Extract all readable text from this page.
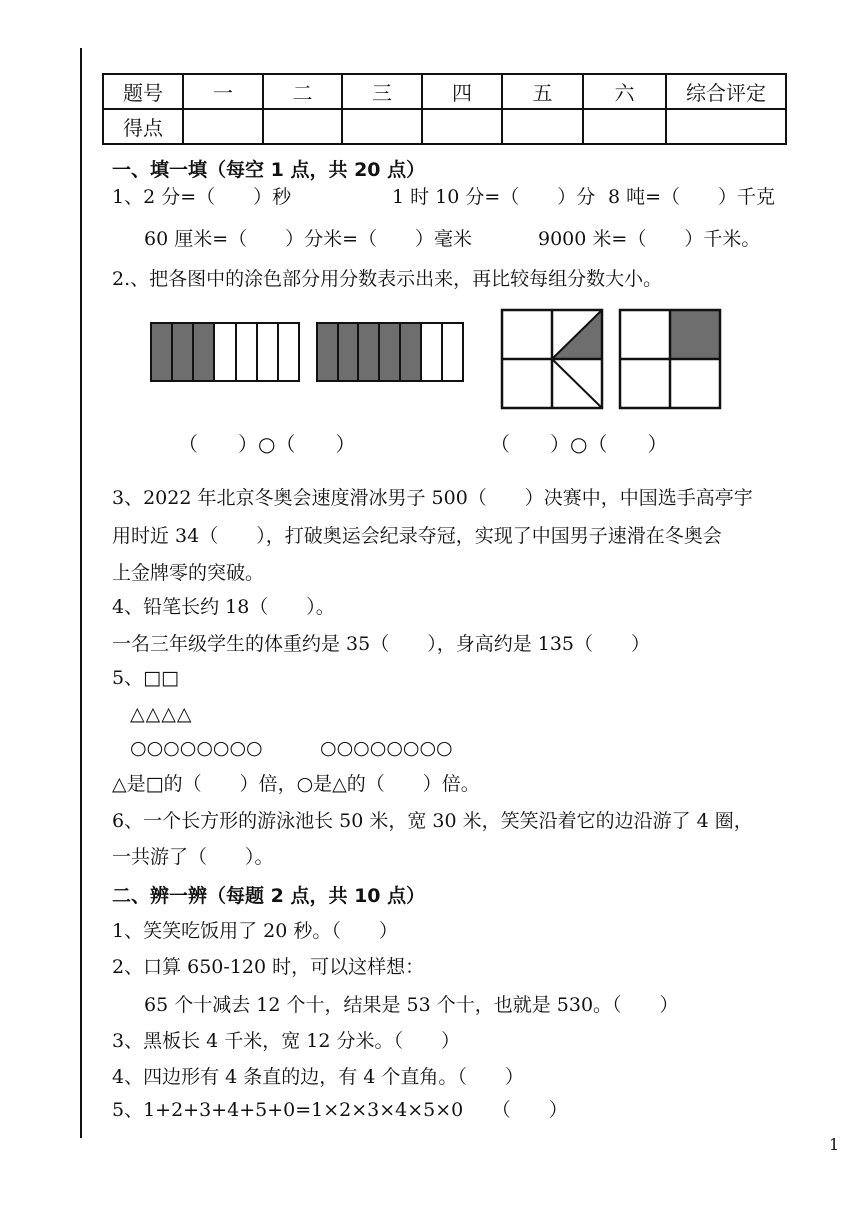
题号	一	二	三	四	五	六	综合评定
得点							
一、填一填（每空 1 点，共 20 点）
1、2 分=（　　）秒	1 时 10 分=（　　）分 8 吨=（　　）千克
60 厘米=（　　）分米=（　　）毫米	9000 米=（　　）千米。
2.、把各图中的涂色部分用分数表示出来，再比较每组分数大小。
（　　）○（　　）	（　　）○（　　）
3、2022 年北京冬奥会速度滑冰男子 500（　　）决赛中，中国选手高亭宇
用时近 34（　　），打破奥运会纪录夺冠，实现了中国男子速滑在冬奥会
上金牌零的突破。
4、铅笔长约 18（　　）。
一名三年级学生的体重约是 35（　　），身高约是 135（　　）
5、□□
△△△△
○○○○○○○○	○○○○○○○○
△是□的（　　）倍，○是△的（　　）倍。
6、一个长方形的游泳池长 50 米，宽 30 米，笑笑沿着它的边沿游了 4 圈，
一共游了（　　）。
二、辨一辨（每题 2 点，共 10 点）
1、笑笑吃饭用了 20 秒。（　　）
2、口算 650-120 时，可以这样想：
65 个十减去 12 个十，结果是 53 个十，也就是 530。（　　）
3、黑板长 4 千米，宽 12 分米。（　　）
4、四边形有 4 条直的边，有 4 个直角。（　　）
5、1+2+3+4+5+0=1×2×3×4×5×0　　（　　）
1
